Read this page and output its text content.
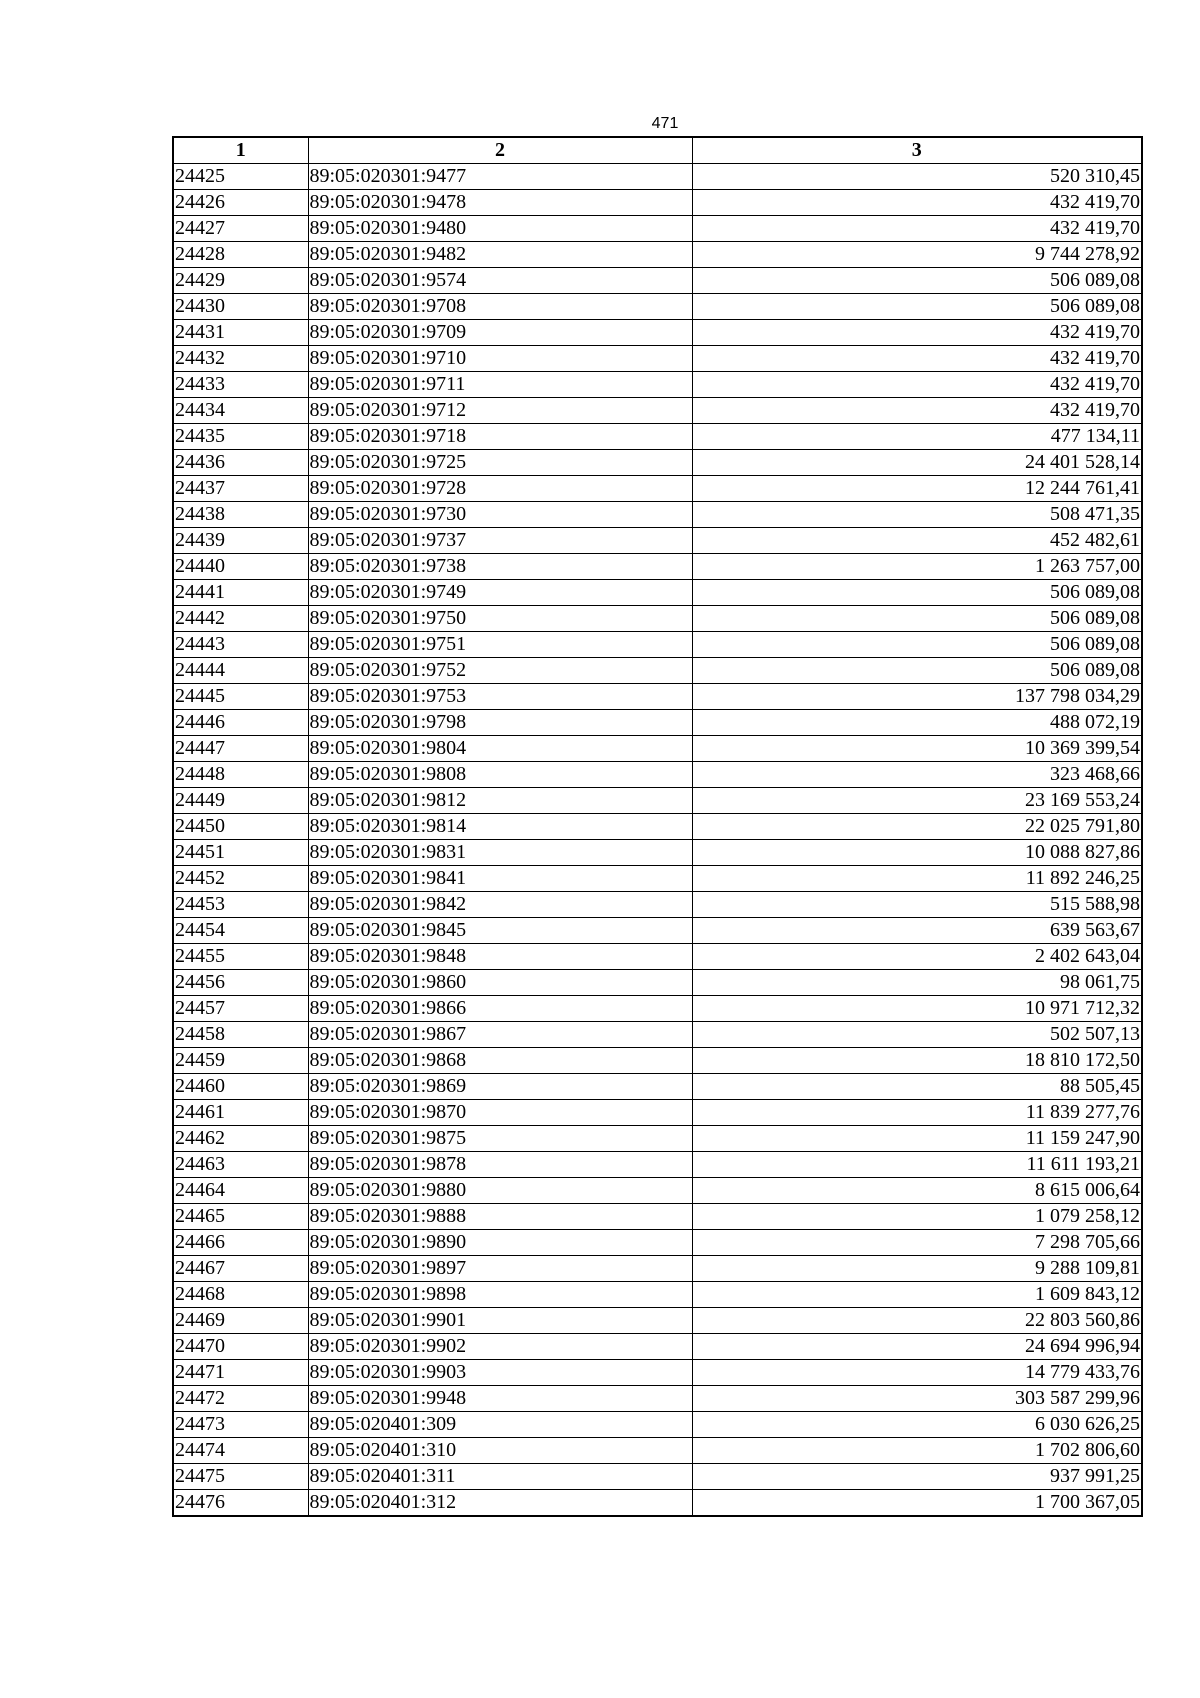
471
1	2	3
24425	89:05:020301:9477	520 310,45
24426	89:05:020301:9478	432 419,70
24427	89:05:020301:9480	432 419,70
24428	89:05:020301:9482	9 744 278,92
24429	89:05:020301:9574	506 089,08
24430	89:05:020301:9708	506 089,08
24431	89:05:020301:9709	432 419,70
24432	89:05:020301:9710	432 419,70
24433	89:05:020301:9711	432 419,70
24434	89:05:020301:9712	432 419,70
24435	89:05:020301:9718	477 134,11
24436	89:05:020301:9725	24 401 528,14
24437	89:05:020301:9728	12 244 761,41
24438	89:05:020301:9730	508 471,35
24439	89:05:020301:9737	452 482,61
24440	89:05:020301:9738	1 263 757,00
24441	89:05:020301:9749	506 089,08
24442	89:05:020301:9750	506 089,08
24443	89:05:020301:9751	506 089,08
24444	89:05:020301:9752	506 089,08
24445	89:05:020301:9753	137 798 034,29
24446	89:05:020301:9798	488 072,19
24447	89:05:020301:9804	10 369 399,54
24448	89:05:020301:9808	323 468,66
24449	89:05:020301:9812	23 169 553,24
24450	89:05:020301:9814	22 025 791,80
24451	89:05:020301:9831	10 088 827,86
24452	89:05:020301:9841	11 892 246,25
24453	89:05:020301:9842	515 588,98
24454	89:05:020301:9845	639 563,67
24455	89:05:020301:9848	2 402 643,04
24456	89:05:020301:9860	98 061,75
24457	89:05:020301:9866	10 971 712,32
24458	89:05:020301:9867	502 507,13
24459	89:05:020301:9868	18 810 172,50
24460	89:05:020301:9869	88 505,45
24461	89:05:020301:9870	11 839 277,76
24462	89:05:020301:9875	11 159 247,90
24463	89:05:020301:9878	11 611 193,21
24464	89:05:020301:9880	8 615 006,64
24465	89:05:020301:9888	1 079 258,12
24466	89:05:020301:9890	7 298 705,66
24467	89:05:020301:9897	9 288 109,81
24468	89:05:020301:9898	1 609 843,12
24469	89:05:020301:9901	22 803 560,86
24470	89:05:020301:9902	24 694 996,94
24471	89:05:020301:9903	14 779 433,76
24472	89:05:020301:9948	303 587 299,96
24473	89:05:020401:309	6 030 626,25
24474	89:05:020401:310	1 702 806,60
24475	89:05:020401:311	937 991,25
24476	89:05:020401:312	1 700 367,05
